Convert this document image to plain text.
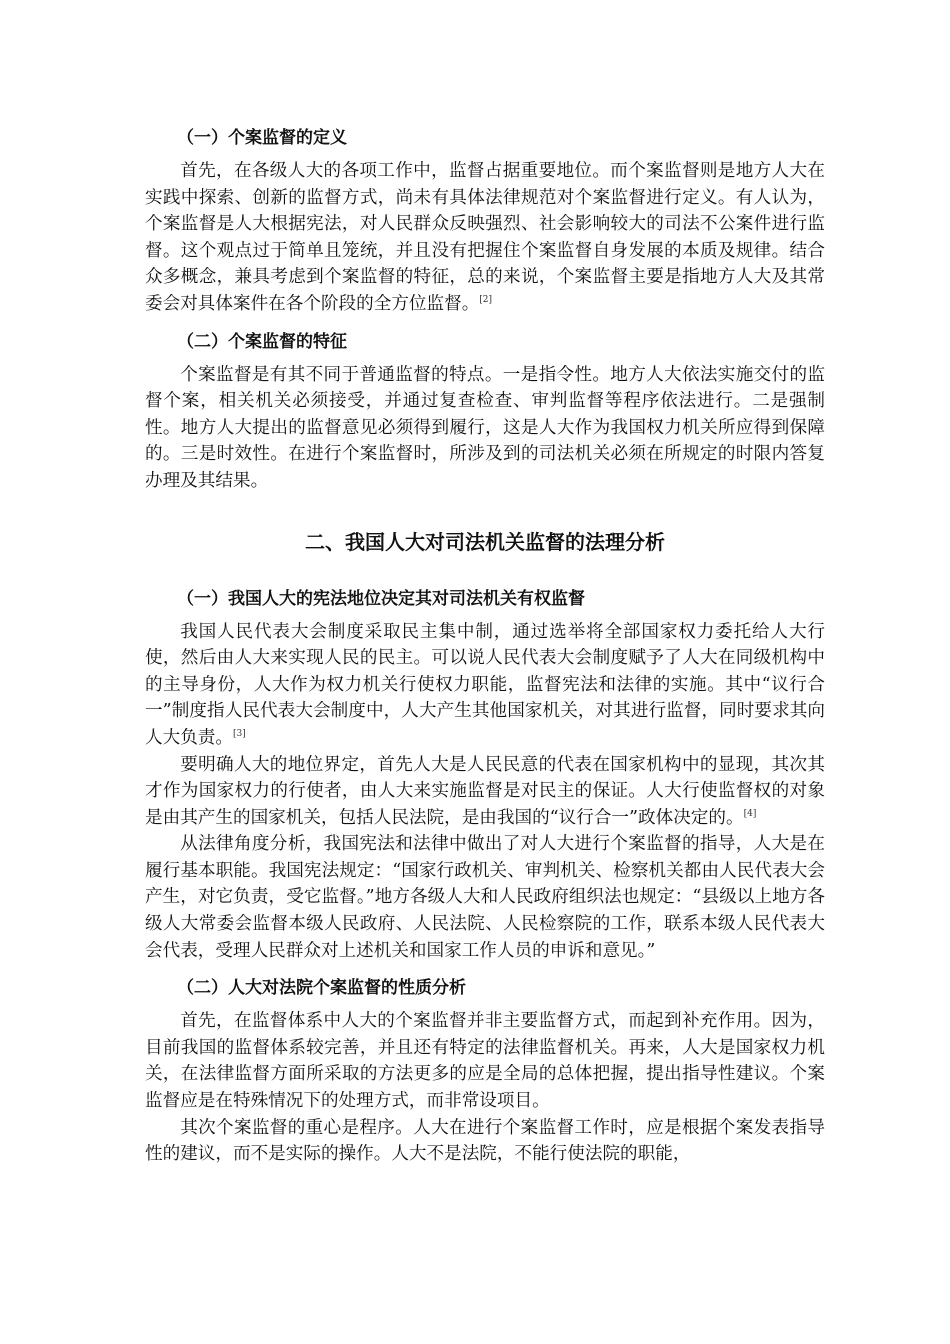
（一）个案监督的定义

首先，在各级人大的各项工作中，监督占据重要地位。而个案监督则是地方人大在实践中探索、创新的监督方式，尚未有具体法律规范对个案监督进行定义。有人认为，个案监督是人大根据宪法，对人民群众反映强烈、社会影响较大的司法不公案件进行监督。这个观点过于简单且笼统，并且没有把握住个案监督自身发展的本质及规律。结合众多概念，兼具考虑到个案监督的特征，总的来说，个案监督主要是指地方人大及其常委会对具体案件在各个阶段的全方位监督。[2]

（二）个案监督的特征

个案监督是有其不同于普通监督的特点。一是指令性。地方人大依法实施交付的监督个案，相关机关必须接受，并通过复查检查、审判监督等程序依法进行。二是强制性。地方人大提出的监督意见必须得到履行，这是人大作为我国权力机关所应得到保障的。三是时效性。在进行个案监督时，所涉及到的司法机关必须在所规定的时限内答复办理及其结果。

二、我国人大对司法机关监督的法理分析
（一）我国人大的宪法地位决定其对司法机关有权监督

我国人民代表大会制度采取民主集中制，通过选举将全部国家权力委托给人大行使，然后由人大来实现人民的民主。可以说人民代表大会制度赋予了人大在同级机构中的主导身份，人大作为权力机关行使权力职能，监督宪法和法律的实施。其中“议行合一”制度指人民代表大会制度中，人大产生其他国家机关，对其进行监督，同时要求其向人大负责。[3]

要明确人大的地位界定，首先人大是人民民意的代表在国家机构中的显现，其次其才作为国家权力的行使者，由人大来实施监督是对民主的保证。人大行使监督权的对象是由其产生的国家机关，包括人民法院，是由我国的“议行合一”政体决定的。[4]

从法律角度分析，我国宪法和法律中做出了对人大进行个案监督的指导，人大是在履行基本职能。我国宪法规定：“国家行政机关、审判机关、检察机关都由人民代表大会产生，对它负责，受它监督。”地方各级人大和人民政府组织法也规定：“县级以上地方各级人大常委会监督本级人民政府、人民法院、人民检察院的工作，联系本级人民代表大会代表，受理人民群众对上述机关和国家工作人员的申诉和意见。”

（二）人大对法院个案监督的性质分析

首先，在监督体系中人大的个案监督并非主要监督方式，而起到补充作用。因为，目前我国的监督体系较完善，并且还有特定的法律监督机关。再来，人大是国家权力机关，在法律监督方面所采取的方法更多的应是全局的总体把握，提出指导性建议。个案监督应是在特殊情况下的处理方式，而非常设项目。

其次个案监督的重心是程序。人大在进行个案监督工作时，应是根据个案发表指导性的建议，而不是实际的操作。人大不是法院，不能行使法院的职能，
